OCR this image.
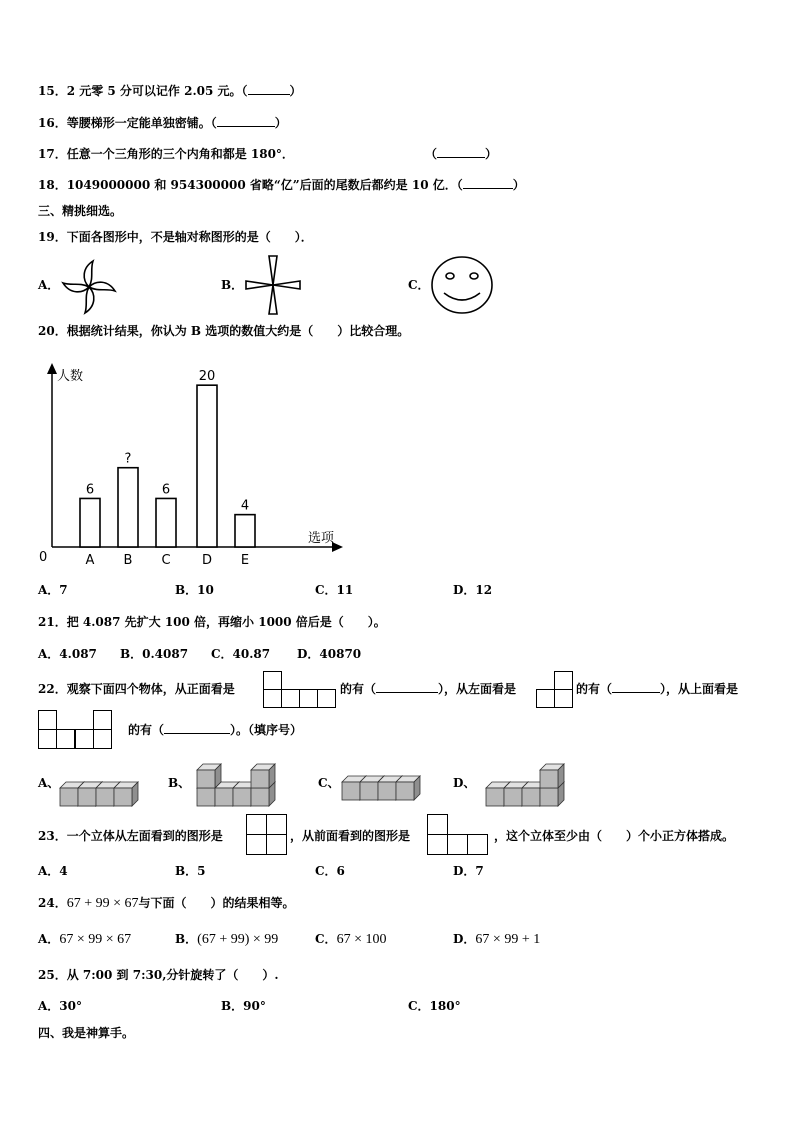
15．2 元零 5 分可以记作 2.05 元。（	）
16．等腰梯形一定能单独密铺。（	）
17．任意一个三角形的三个内角和都是 180°．	（	）
18．1049000000 和 954300000 省略“亿”后面的尾数后都约是 10 亿．（	）
三、精挑细选。
19．下面各图形中，不是轴对称图形的是（　　）．
A．	B．	C．
20．根据统计结果，你认为 B 选项的数值大约是（　　）比较合理。
人数
选项
0
6
A
?
B
6
C
20
D
4
E
A．7	B．10	C．11	D．12
21．把 4.087 先扩大 100 倍，再缩小 1000 倍后是（　　）。
A．4.087 B．0.4087 C．40.87 D．40870
22．观察下面四个物体，从正面看是	的有（	），从左面看是	的有（	），从上面看是
的有（	）。（填序号）
A、	B、	C、	D、
23．一个立体从左面看到的图形是	，从前面看到的图形是	，这个立体至少由（　　）个小正方体搭成。
A．4	B．5	C．6	D．7
24．67 + 99 × 67与下面（　　）的结果相等。
A．67 × 99 × 67	B．(67 + 99) × 99	C．67 × 100	D．67 × 99 + 1
25．从 7:00 到 7:30,分针旋转了（　　）.
A．30°	B．90°	C．180°
四、我是神算手。
